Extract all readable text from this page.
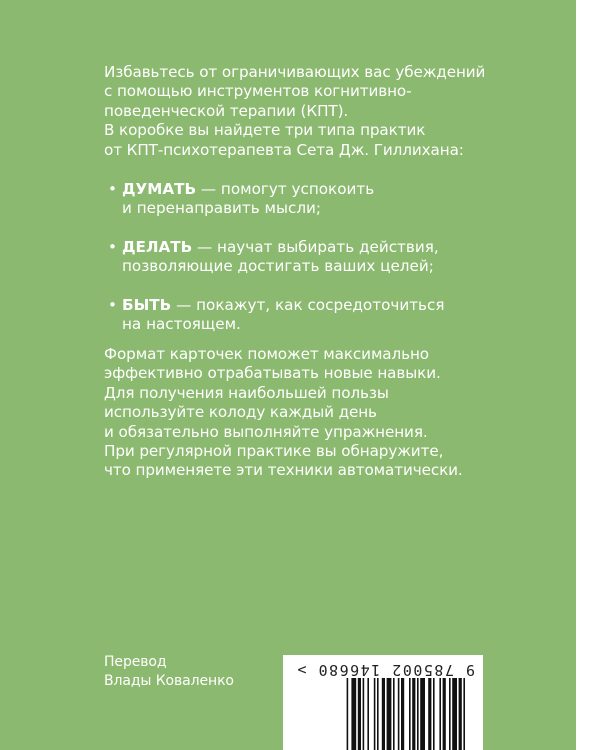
Избавьтесь от ограничивающих вас убеждений
с помощью инструментов когнитивно-
поведенческой терапии (КПТ).
В коробке вы найдете три типа практик
от КПТ-психотерапевта Сета Дж. Гиллихана:
• ДУМАТЬ — помогут успокоить
и перенаправить мысли;
• ДЕЛАТЬ — научат выбирать действия,
позволяющие достигать ваших целей;
• БЫТЬ — покажут, как сосредоточиться
на настоящем.
Формат карточек поможет максимально
эффективно отрабатывать новые навыки.
Для получения наибольшей пользы
используйте колоду каждый день
и обязательно выполняйте упражнения.
При регулярной практике вы обнаружите,
что применяете эти техники автоматически.
Перевод
Влады Коваленко
9 785002 146680 >
